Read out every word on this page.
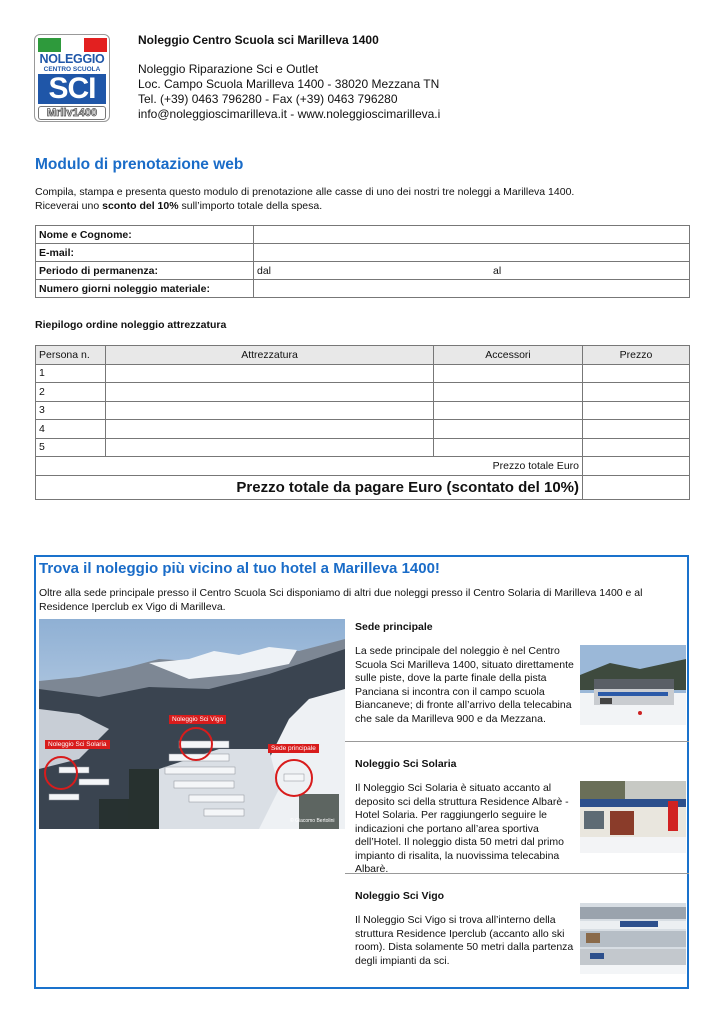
NOLEGGIO
CENTRO SCUOLA
SCI
Mrllv1400
Noleggio Centro Scuola sci Marilleva 1400
Noleggio Riparazione Sci e Outlet
Loc. Campo Scuola Marilleva 1400 - 38020 Mezzana TN
Tel. (+39) 0463 796280 - Fax (+39) 0463 796280
info@noleggioscimarilleva.it - www.noleggioscimarilleva.i
Modulo di prenotazione web
Compila, stampa e presenta questo modulo di prenotazione alle casse di uno dei nostri tre noleggi a Marilleva 1400.
Riceverai uno sconto del 10% sull’importo totale della spesa.
Nome e Cognome:	
E-mail:	
Periodo di permanenza:	dal al
Numero giorni noleggio materiale:	
Riepilogo ordine noleggio attrezzatura
Persona n.	Attrezzatura	Accessori	Prezzo
1			
2			
3			
4			
5			
Prezzo totale Euro			
Prezzo totale da pagare Euro (scontato del 10%)			
Trova il noleggio più vicino al tuo hotel a Marilleva 1400!
Oltre alla sede principale presso il Centro Scuola Sci disponiamo di altri due noleggi presso il Centro Solaria di Marilleva 1400 e al Residence Iperclub ex Vigo di Marilleva.
Noleggio Sci Vigo
Noleggio Sci Solaria
Sede principale
© Giacomo Bertolini
Sede principale
La sede principale del noleggio è nel Centro Scuola Sci Marilleva 1400, situato direttamente sulle piste, dove la parte finale della pista Panciana si incontra con il campo scuola Biancaneve; di fronte all’arrivo della telecabina che sale da Marilleva 900 e da Mezzana.
Noleggio Sci Solaria
Il Noleggio Sci Solaria è situato accanto al deposito sci della struttura Residence Albarè - Hotel Solaria. Per raggiungerlo seguire le indicazioni che portano all’area sportiva dell’Hotel. Il noleggio dista 50 metri dal primo impianto di risalita, la nuovissima telecabina Albarè.
Noleggio Sci Vigo
Il Noleggio Sci Vigo si trova all’interno della struttura Residence Iperclub (accanto allo ski room). Dista solamente 50 metri dalla partenza degli impianti da sci.
